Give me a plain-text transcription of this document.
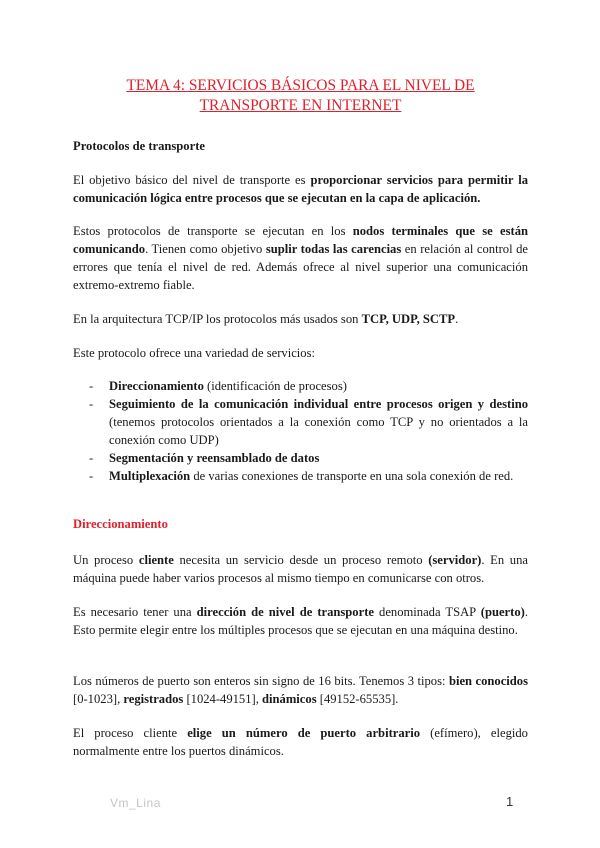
TEMA 4: SERVICIOS BÁSICOS PARA EL NIVEL DE
TRANSPORTE EN INTERNET
Protocolos de transporte

El objetivo básico del nivel de transporte es proporcionar servicios para permitir la comunicación lógica entre procesos que se ejecutan en la capa de aplicación.

Estos protocolos de transporte se ejecutan en los nodos terminales que se están comunicando. Tienen como objetivo suplir todas las carencias en relación al control de errores que tenía el nivel de red. Además ofrece al nivel superior una comunicación extremo-extremo fiable.

En la arquitectura TCP/IP los protocolos más usados son TCP, UDP, SCTP.

Este protocolo ofrece una variedad de servicios:

- Direccionamiento (identificación de procesos)
- Seguimiento de la comunicación individual entre procesos origen y destino (tenemos protocolos orientados a la conexión como TCP y no orientados a la conexión como UDP)
- Segmentación y reensamblado de datos
- Multiplexación de varias conexiones de transporte en una sola conexión de red.
Direccionamiento

Un proceso cliente necesita un servicio desde un proceso remoto (servidor). En una máquina puede haber varios procesos al mismo tiempo en comunicarse con otros.

Es necesario tener una dirección de nivel de transporte denominada TSAP (puerto). Esto permite elegir entre los múltiples procesos que se ejecutan en una máquina destino.

Los números de puerto son enteros sin signo de 16 bits. Tenemos 3 tipos: bien conocidos [0-1023], registrados [1024-49151], dinámicos [49152-65535].

El proceso cliente elige un número de puerto arbitrario (efímero), elegido normalmente entre los puertos dinámicos.

Vm_Lina	1
